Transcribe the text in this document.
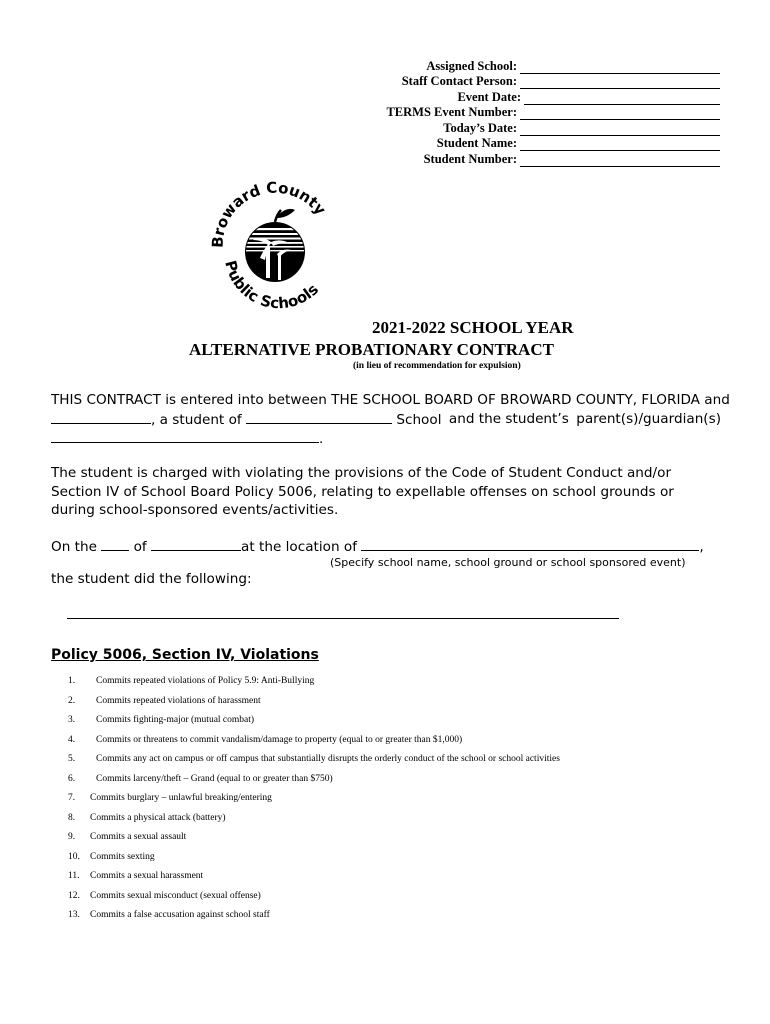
Assigned School:
Staff Contact Person:
Event Date:
TERMS Event Number:
Today’s Date:
Student Name:
Student Number:
Broward County
Public Schools
2021-2022 SCHOOL YEAR
ALTERNATIVE PROBATIONARY CONTRACT
(in lieu of recommendation for expulsion)
THIS CONTRACT is entered into between THE SCHOOL BOARD OF BROWARD COUNTY, FLORIDA and
, a student of	School and the student’s parent(s)/guardian(s)
.
The student is charged with violating the provisions of the Code of Student Conduct and/or Section IV of School Board Policy 5006, relating to expellable offenses on school grounds or during school-sponsored events/activities.
On the	of	at the location of	,
(Specify school name, school ground or school sponsored event)
the student did the following:
Policy 5006, Section IV, Violations
1. Commits repeated violations of Policy 5.9: Anti-Bullying
2. Commits repeated violations of harassment
3. Commits fighting-major (mutual combat)
4. Commits or threatens to commit vandalism/damage to property (equal to or greater than $1,000)
5. Commits any act on campus or off campus that substantially disrupts the orderly conduct of the school or school activities
6. Commits larceny/theft – Grand (equal to or greater than $750)
7. Commits burglary – unlawful breaking/entering
8. Commits a physical attack (battery)
9. Commits a sexual assault
10. Commits sexting
11. Commits a sexual harassment
12. Commits sexual misconduct (sexual offense)
13. Commits a false accusation against school staff
